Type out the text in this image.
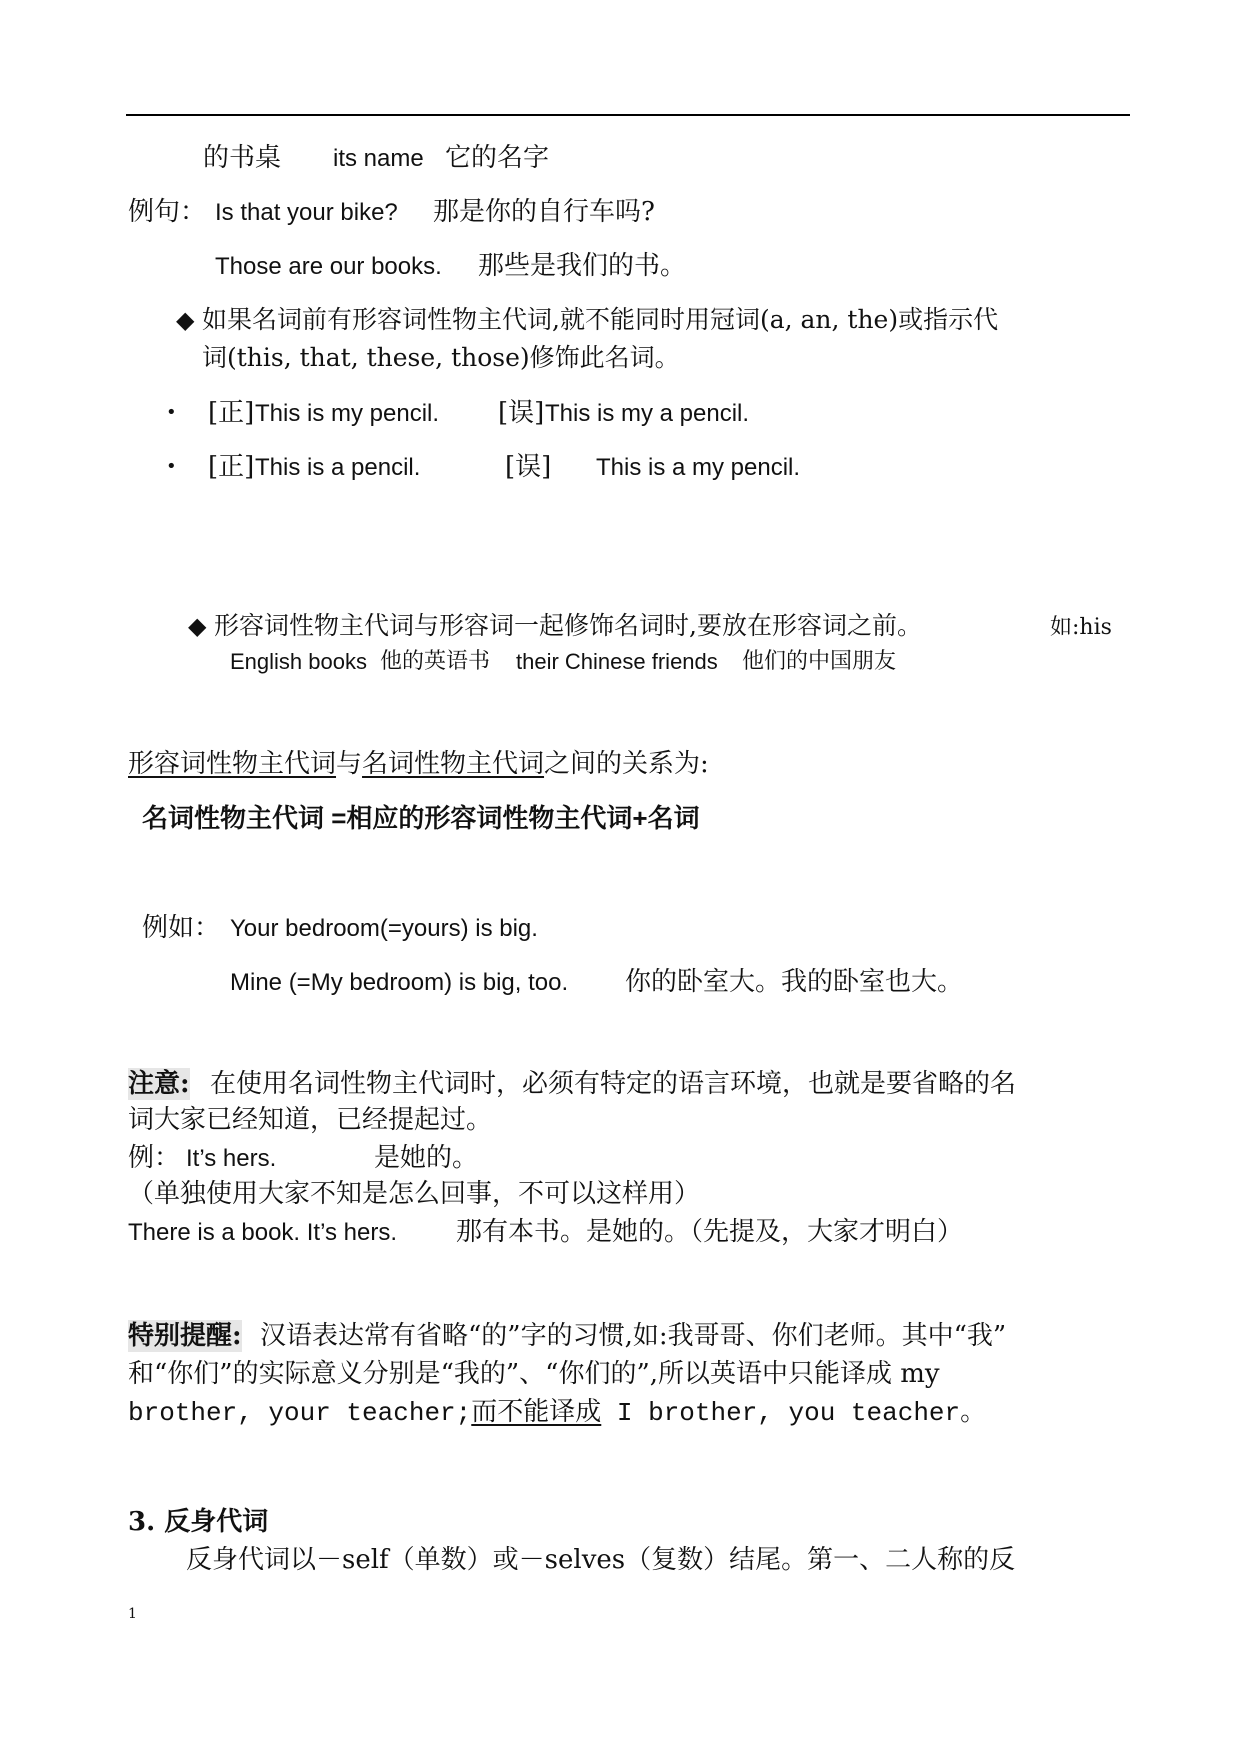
的书桌 its name 它的名字
例句： Is that your bike? 那是你的自行车吗?
Those are our books. 那些是我们的书。
◆ 如果名词前有形容词性物主代词,就不能同时用冠词(a, an, the)或指示代
词(this, that, these, those)修饰此名词。
• [正] This is my pencil. [误] This is my a pencil.
• [正] This is a pencil.	[误] This is a my pencil.
◆ 形容词性物主代词与形容词一起修饰名词时,要放在形容词之前。	如:his
English books 他的英语书 their Chinese friends 他们的中国朋友
形容词性物主代词与名词性物主代词之间的关系为:
名词性物主代词 =相应的形容词性物主代词+名词
例如： Your bedroom(=yours) is big.
Mine (=My bedroom) is big, too. 你的卧室大。我的卧室也大。
注意: 在使用名词性物主代词时，必须有特定的语言环境，也就是要省略的名
词大家已经知道，已经提起过。
例： It’s hers.	是她的。
（单独使用大家不知是怎么回事，不可以这样用）
There is a book. It’s hers. 那有本书。是她的。（先提及，大家才明白）
特别提醒: 汉语表达常有省略“的”字的习惯,如:我哥哥、你们老师。其中“我”
和“你们”的实际意义分别是“我的”、“你们的”,所以英语中只能译成 my
brother, your teacher;而不能译成 I brother, you teacher。
3. 反身代词
反身代词以－self（单数）或－selves（复数）结尾。第一、二人称的反
1
